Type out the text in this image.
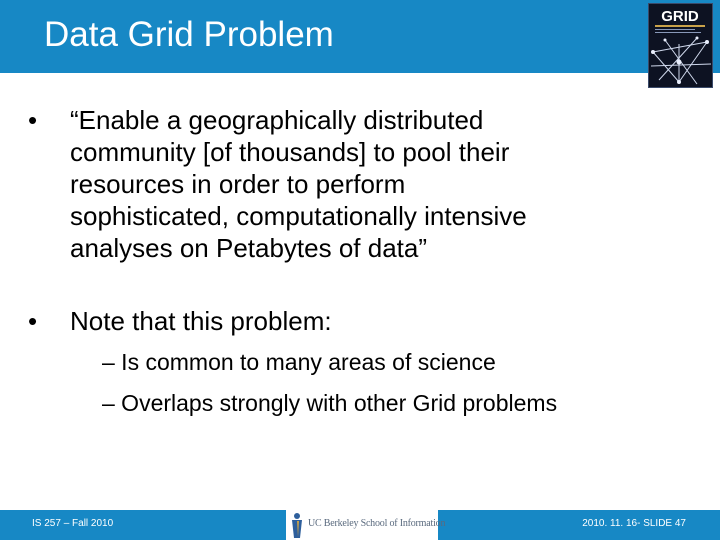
Data Grid Problem	GRID
• “Enable a geographically distributed
community [of thousands] to pool their
resources in order to perform
sophisticated, computationally intensive
analyses on Petabytes of data”
• Note that this problem:
– Is common to many areas of science
– Overlaps strongly with other Grid problems
IS 257 – Fall 2010	UC Berkeley School of Information	2010. 11. 16- SLIDE 47
